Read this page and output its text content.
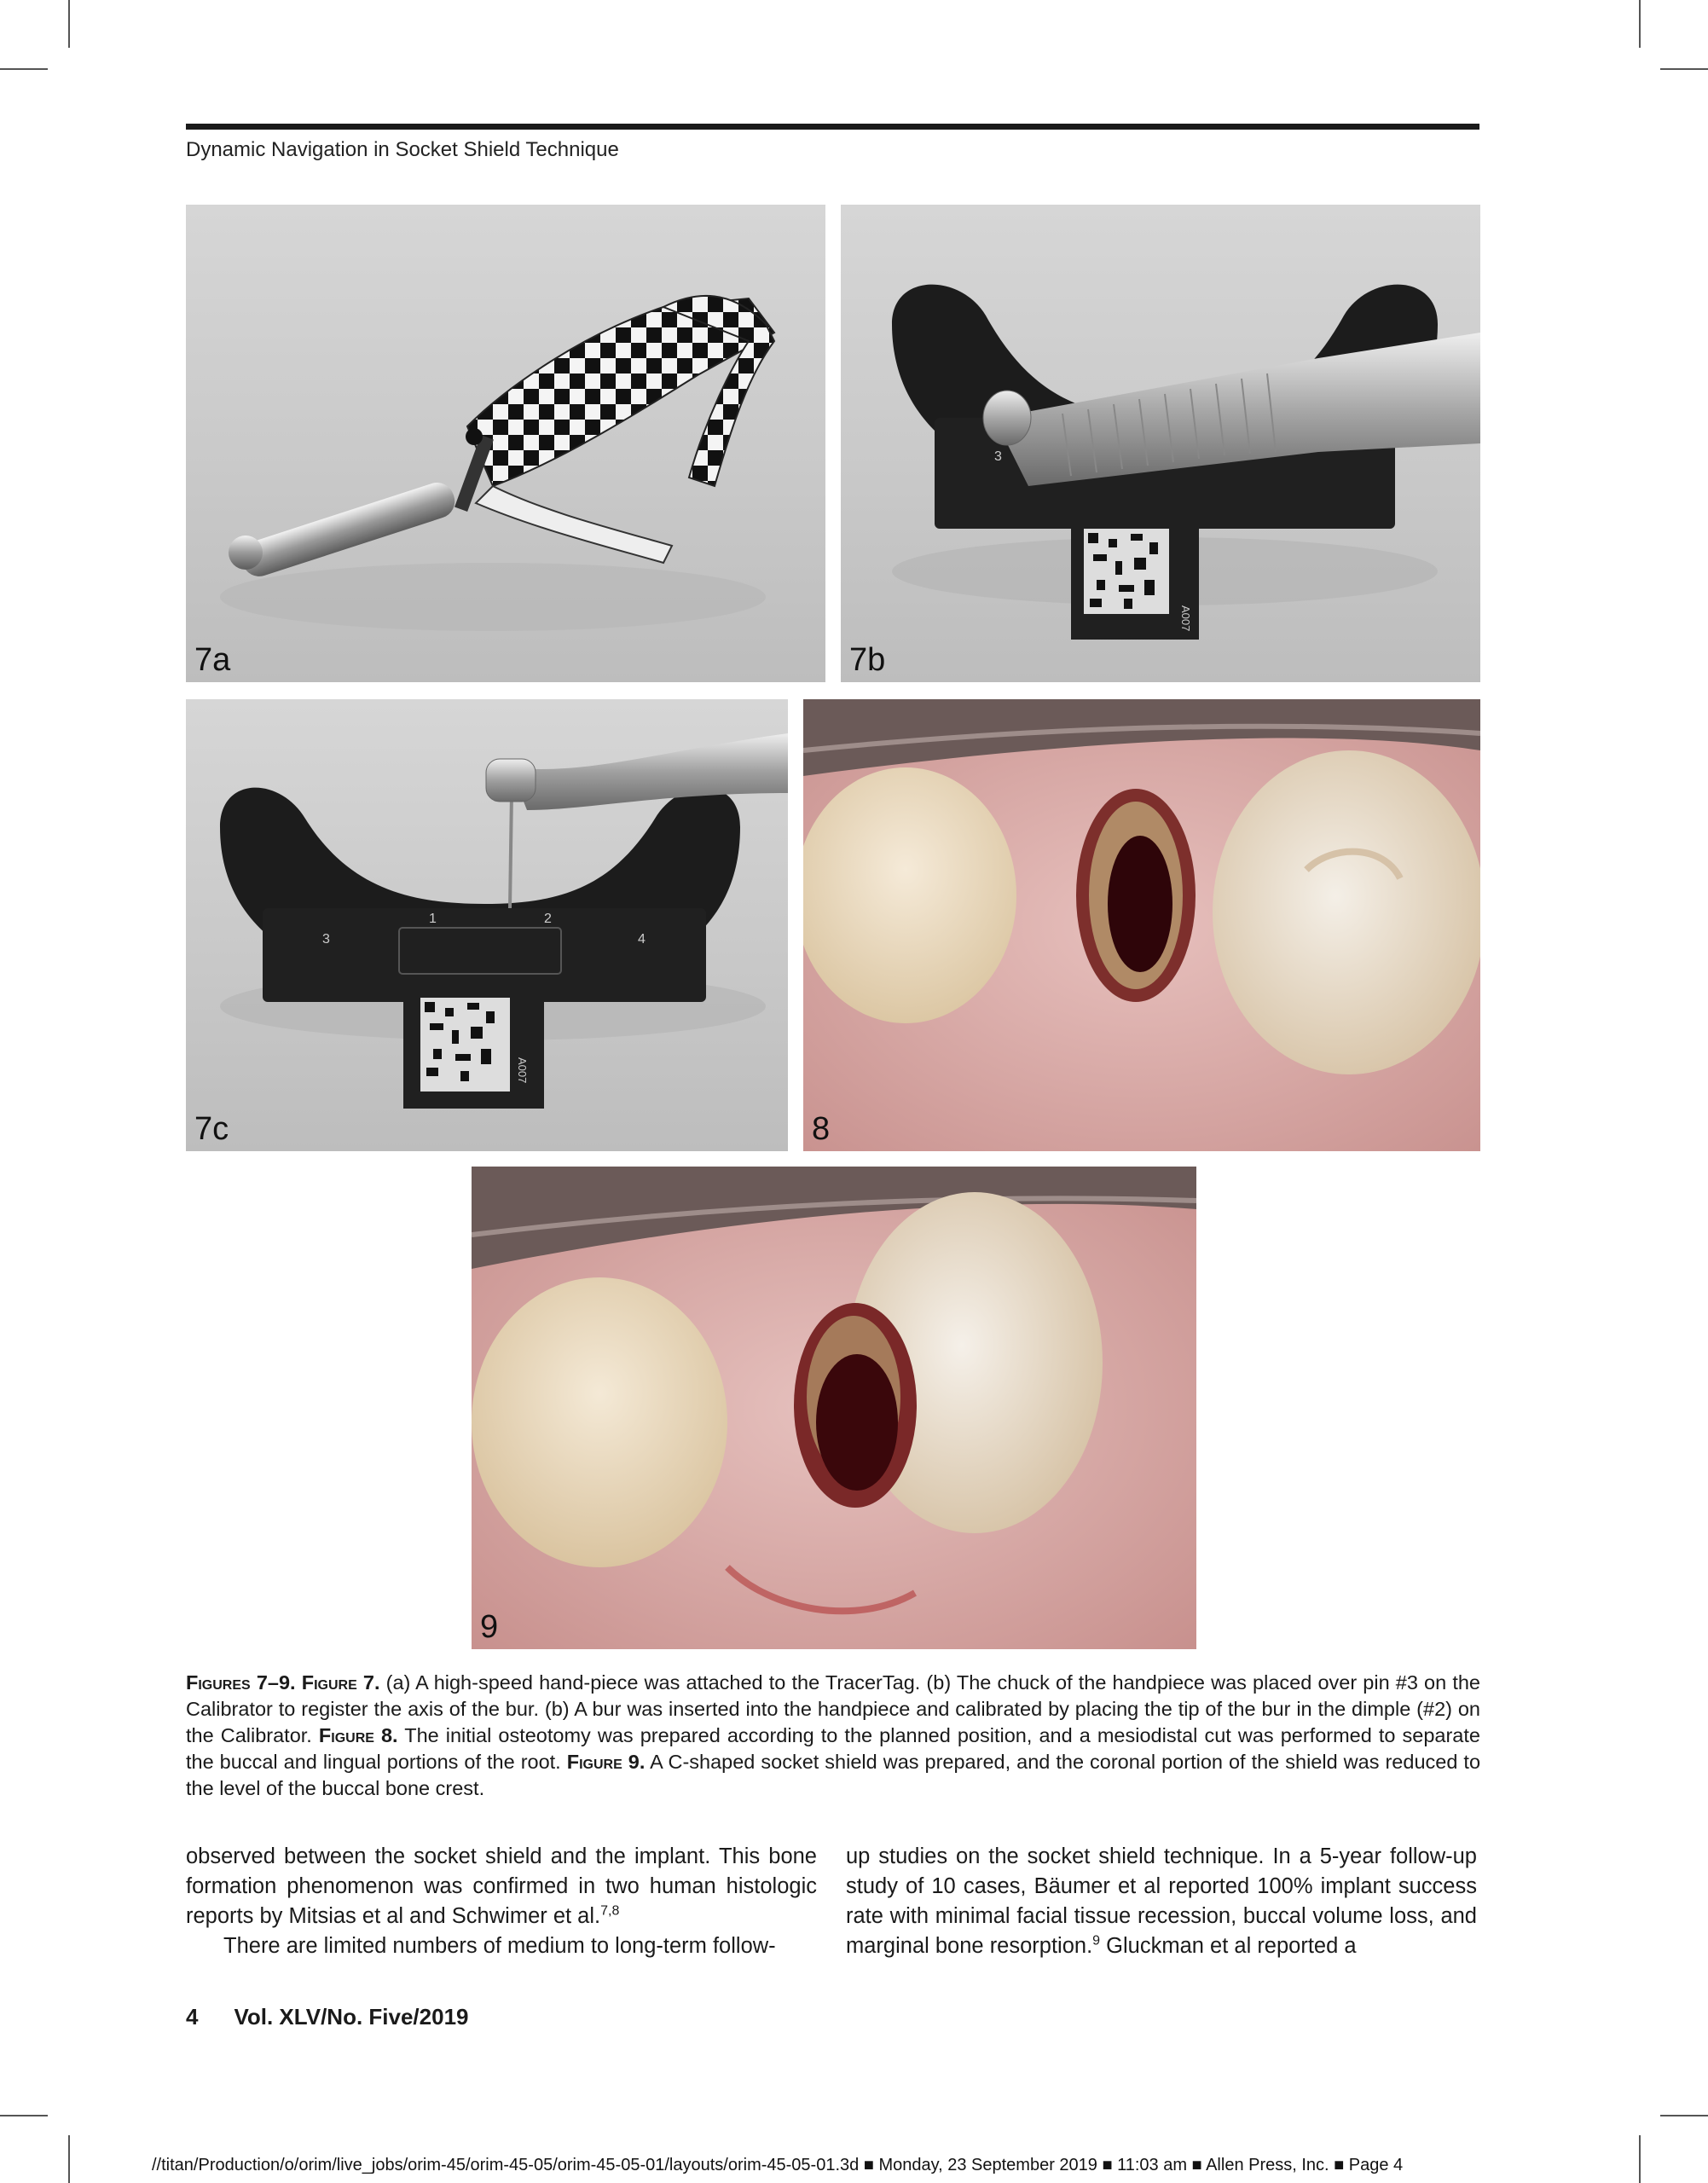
Dynamic Navigation in Socket Shield Technique
7a
3
A007
7b
1	2
3	4
A007
7c	8
9
Figures 7–9. Figure 7. (a) A high-speed hand-piece was attached to the TracerTag. (b) The chuck of the handpiece was placed over pin #3 on the Calibrator to register the axis of the bur. (b) A bur was inserted into the handpiece and calibrated by placing the tip of the bur in the dimple (#2) on the Calibrator. Figure 8. The initial osteotomy was prepared according to the planned position, and a mesiodistal cut was performed to separate the buccal and lingual portions of the root. Figure 9. A C-shaped socket shield was prepared, and the coronal portion of the shield was reduced to the level of the buccal bone crest.

observed between the socket shield and the implant. This bone formation phenomenon was confirmed in two human histologic reports by Mitsias et al and Schwimer et al.$^{7,8}$

There are limited numbers of medium to long-term follow-

up studies on the socket shield technique. In a 5-year follow-up study of 10 cases, Bäumer et al reported 100% implant success rate with minimal facial tissue recession, buccal volume loss, and marginal bone resorption.$^9$ Gluckman et al reported a

4 Vol. XLV/No. Five/2019
//titan/Production/o/orim/live_jobs/orim-45/orim-45-05/orim-45-05-01/layouts/orim-45-05-01.3d ■ Monday, 23 September 2019 ■ 11:03 am ■ Allen Press, Inc. ■ Page 4
